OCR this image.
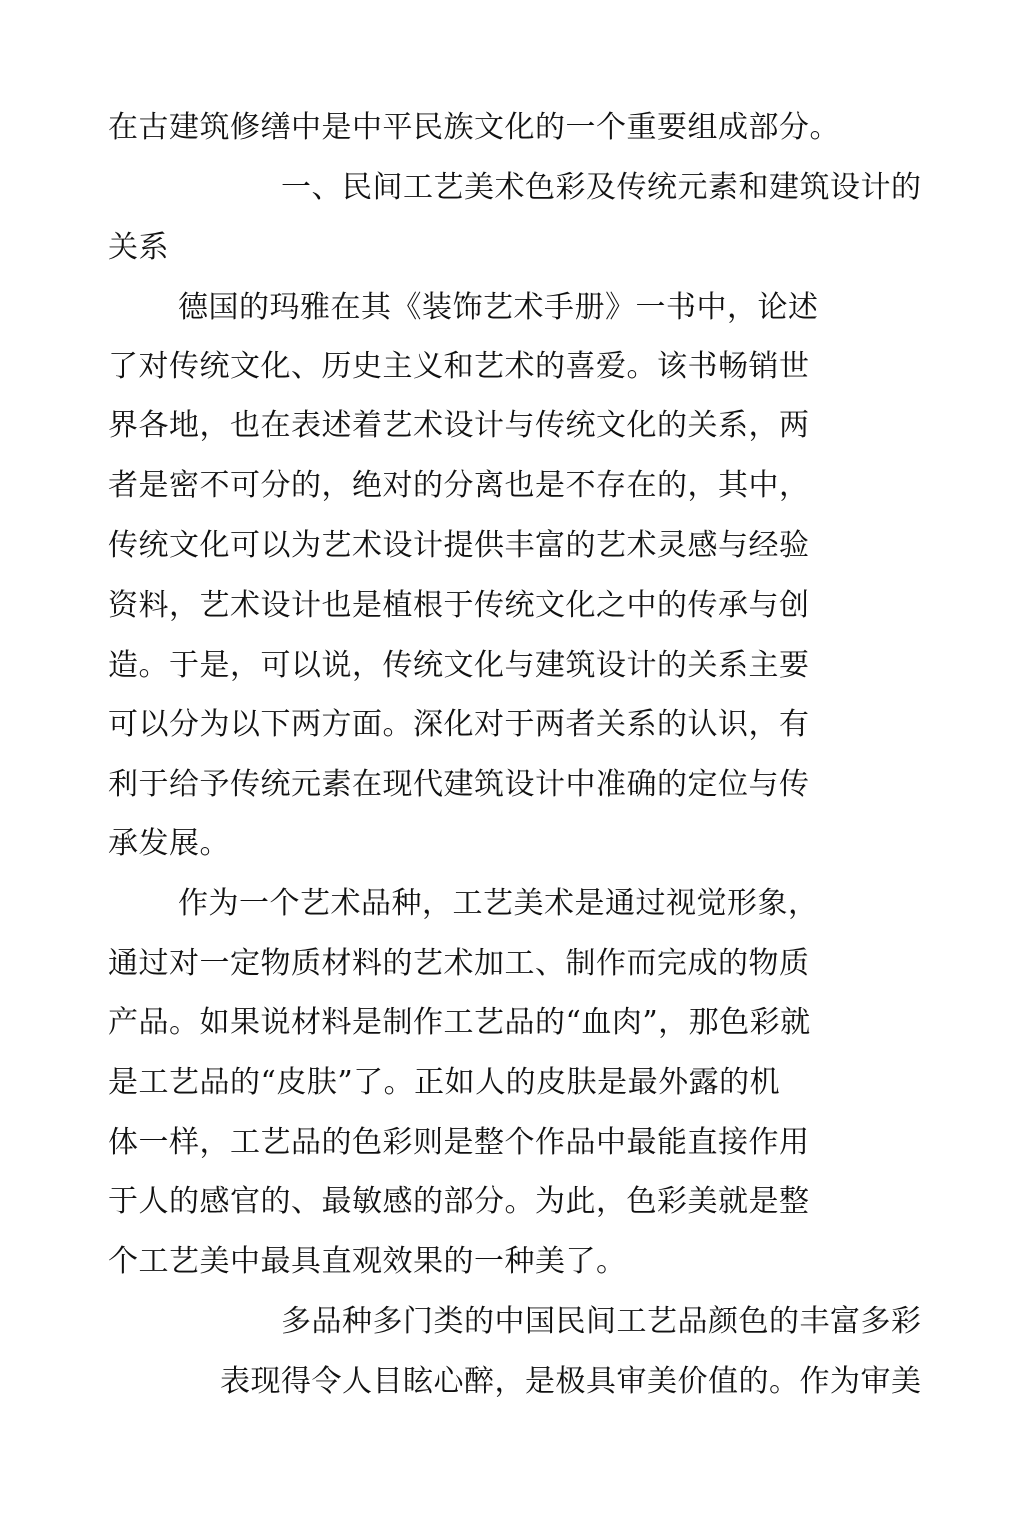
在古建筑修缮中是中平民族文化的一个重要组成部分。

一、民间工艺美术色彩及传统元素和建筑设计的

关系

德国的玛雅在其《装饰艺术手册》一书中，论述

了对传统文化、历史主义和艺术的喜爱。该书畅销世

界各地，也在表述着艺术设计与传统文化的关系，两

者是密不可分的，绝对的分离也是不存在的，其中，

传统文化可以为艺术设计提供丰富的艺术灵感与经验

资料，艺术设计也是植根于传统文化之中的传承与创

造。于是，可以说，传统文化与建筑设计的关系主要

可以分为以下两方面。深化对于两者关系的认识，有

利于给予传统元素在现代建筑设计中准确的定位与传

承发展。

作为一个艺术品种，工艺美术是通过视觉形象，

通过对一定物质材料的艺术加工、制作而完成的物质

产品。如果说材料是制作工艺品的“血肉”，那色彩就

是工艺品的“皮肤”了。正如人的皮肤是最外露的机

体一样，工艺品的色彩则是整个作品中最能直接作用

于人的感官的、最敏感的部分。为此，色彩美就是整

个工艺美中最具直观效果的一种美了。

多品种多门类的中国民间工艺品颜色的丰富多彩

表现得令人目眩心醉，是极具审美价值的。作为审美
